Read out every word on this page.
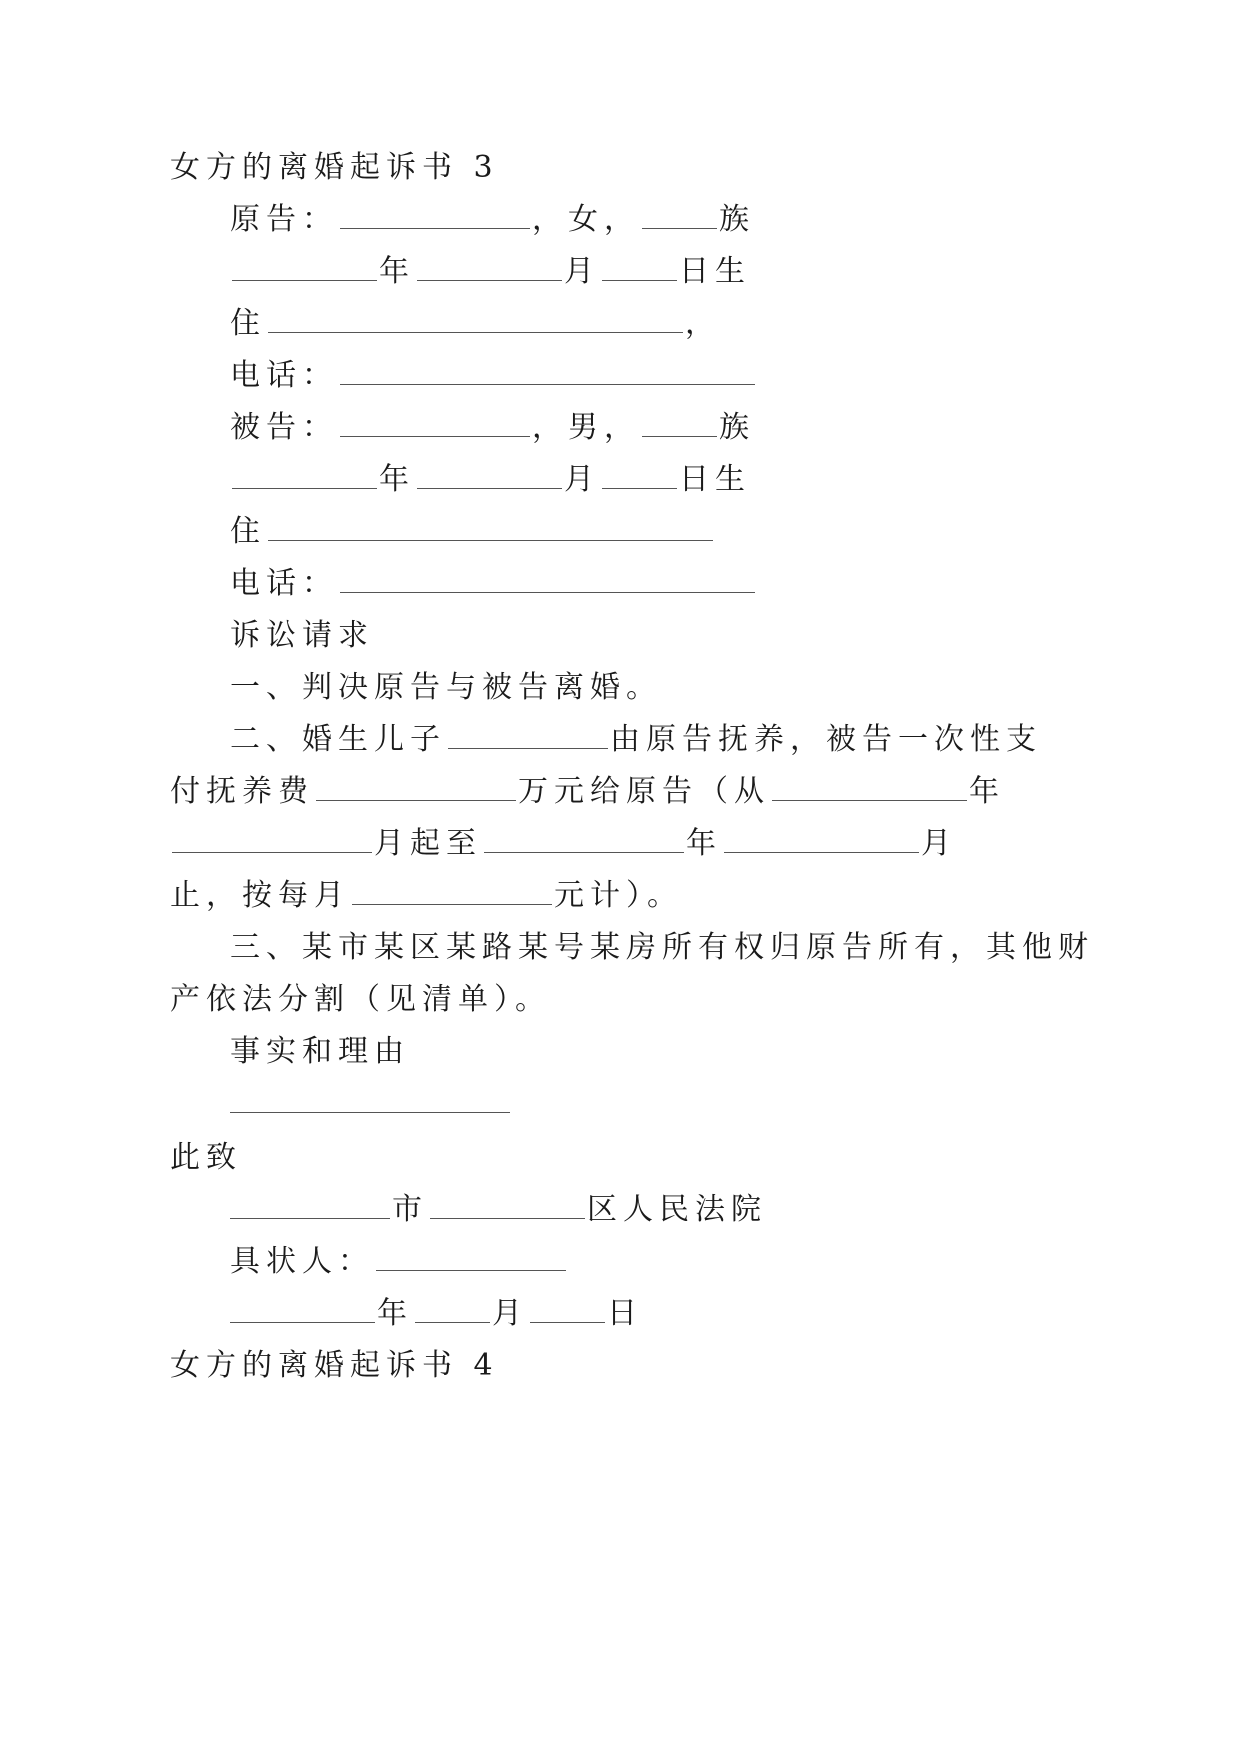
女方的离婚起诉书 3
原告：	，女，	族
年	月	日生
住	，
电话：
被告：	，男，	族
年	月	日生
住
电话：
诉讼请求
一、判决原告与被告离婚。
二、婚生儿子	由原告抚养，被告一次性支
付抚养费	万元给原告（从	年
月起至	年	月
止，按每月	元计）。
三、某市某区某路某号某房所有权归原告所有，其他财
产依法分割（见清单）。
事实和理由
此致
市	区人民法院
具状人：
年	月	日
女方的离婚起诉书 4
